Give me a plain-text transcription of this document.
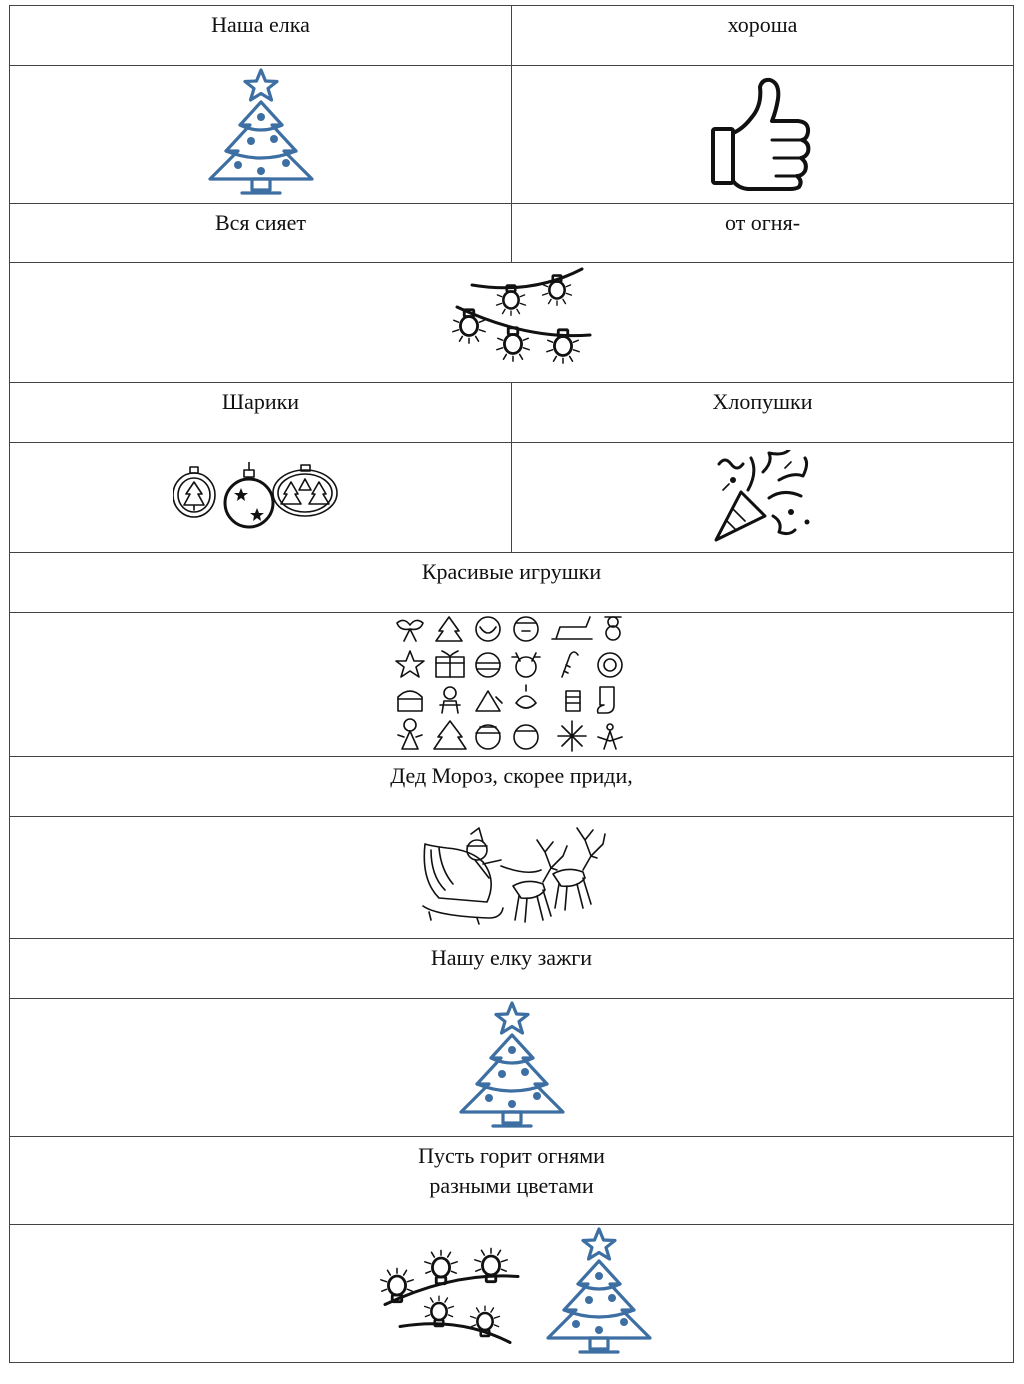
Наша елка	хороша
Вся сияет	от огня-
Шарики	Хлопушки
Красивые игрушки
Дед Мороз, скорее приди,
Нашу елку зажги
Пусть горит огнями
разными цветами
